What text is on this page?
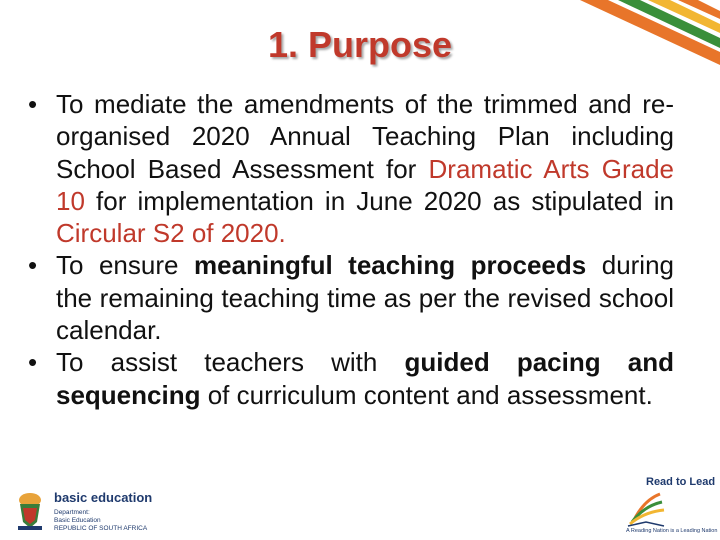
1. Purpose
• To mediate the amendments of the trimmed and re-organised 2020 Annual Teaching Plan including School Based Assessment for Dramatic Arts Grade 10 for implementation in June 2020 as stipulated in Circular S2 of 2020.
• To ensure meaningful teaching proceeds during the remaining teaching time as per the revised school calendar.
• To assist teachers with guided pacing and sequencing of curriculum content and assessment.
basic education
Department:
Basic Education
REPUBLIC OF SOUTH AFRICA
Read to Lead
A Reading Nation is a Leading Nation
